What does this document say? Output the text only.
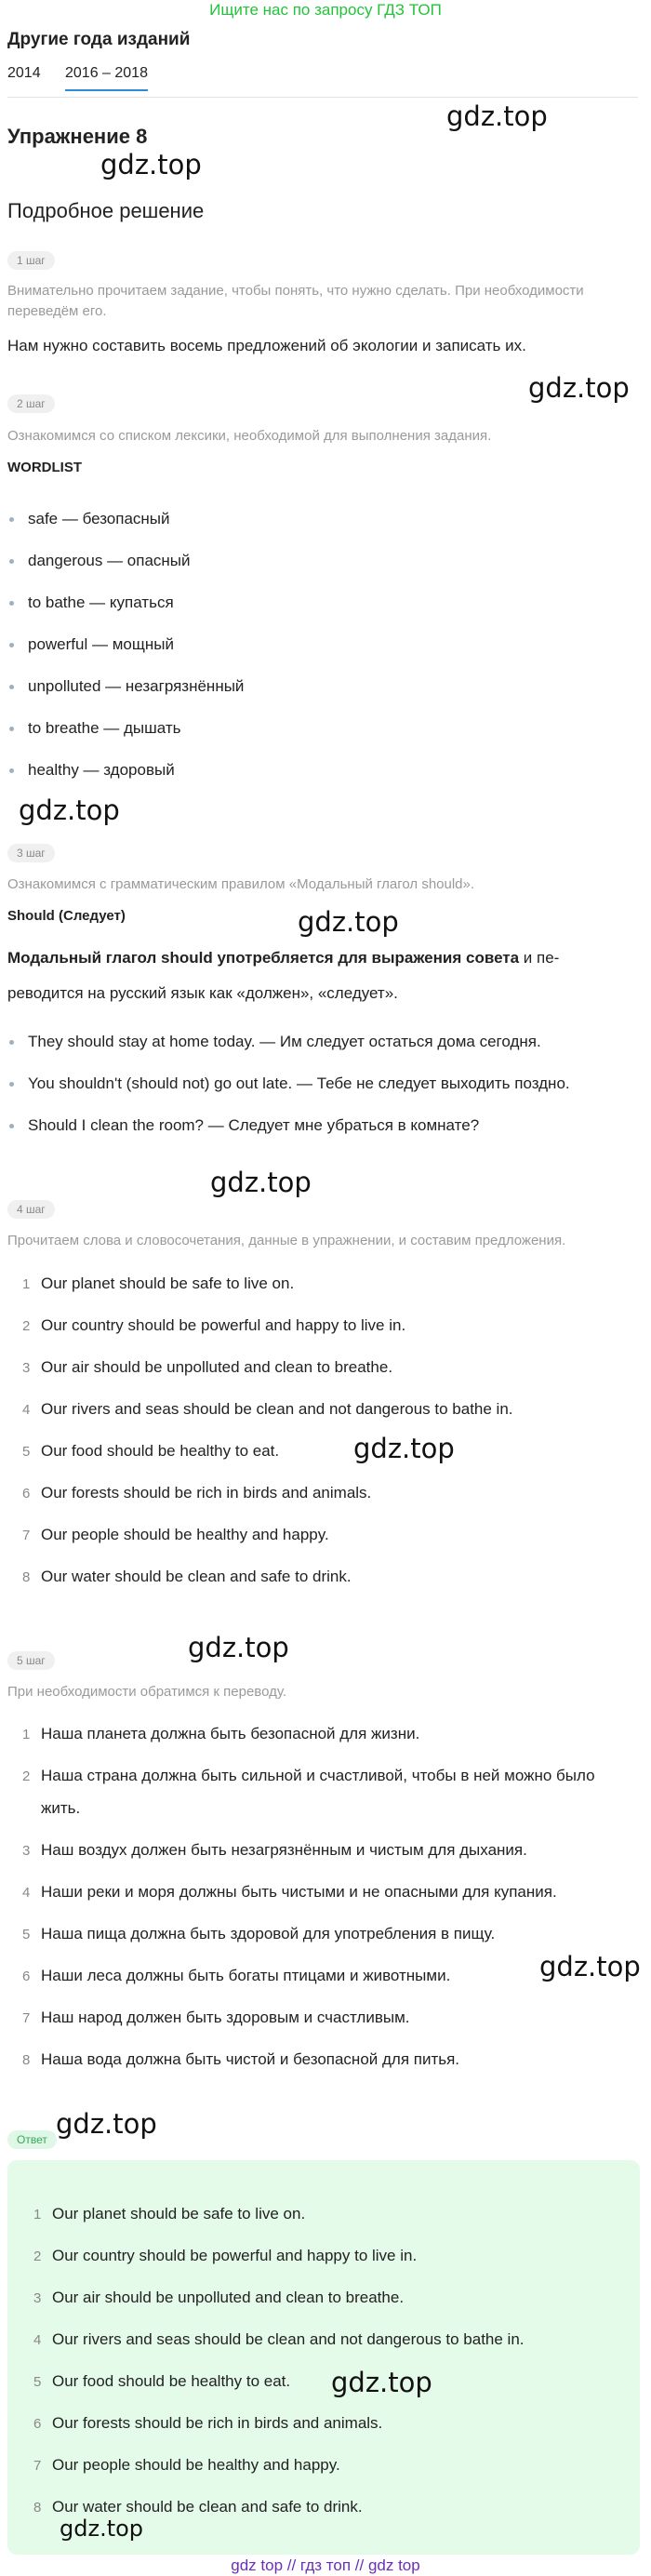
Ищите нас по запросу ГДЗ ТОП
Другие года изданий
2014 2016 – 2018
Упражнение 8
Подробное решение
gdz.top
gdz.top
gdz.top
gdz.top
gdz.top
gdz.top
gdz.top
gdz.top
gdz.top
gdz.top
1 шаг
Внимательно прочитаем задание, чтобы понять, что нужно сделать. При необходимости переведём его.
Нам нужно составить восемь предложений об экологии и записать их.
2 шаг
Ознакомимся со списком лексики, необходимой для выполнения задания.
WORDLIST
safe — безопасный
dangerous — опасный
to bathe — купаться
powerful — мощный
unpolluted — незагрязнённый
to breathe — дышать
healthy — здоровый
3 шаг
Ознакомимся с грамматическим правилом «Модальный глагол should».
Should (Следует)
Модальный глагол should употребляется для выражения совета и пе-
реводится на русский язык как «должен», «следует».
They should stay at home today. — Им следует остаться дома сегодня.
You shouldn't (should not) go out late. — Тебе не следует выходить поздно.
Should I clean the room? — Следует мне убраться в комнате?
4 шаг
Прочитаем слова и словосочетания, данные в упражнении, и составим предложения.
1 Our planet should be safe to live on.
2 Our country should be powerful and happy to live in.
3 Our air should be unpolluted and clean to breathe.
4 Our rivers and seas should be clean and not dangerous to bathe in.
5 Our food should be healthy to eat.
6 Our forests should be rich in birds and animals.
7 Our people should be healthy and happy.
8 Our water should be clean and safe to drink.
5 шаг
При необходимости обратимся к переводу.
1 Наша планета должна быть безопасной для жизни.
2 Наша страна должна быть сильной и счастливой, чтобы в ней можно было
жить.
3 Наш воздух должен быть незагрязнённым и чистым для дыхания.
4 Наши реки и моря должны быть чистыми и не опасными для купания.
5 Наша пища должна быть здоровой для употребления в пищу.
6 Наши леса должны быть богаты птицами и животными.
7 Наш народ должен быть здоровым и счастливым.
8 Наша вода должна быть чистой и безопасной для питья.
Ответ
1 Our planet should be safe to live on.
2 Our country should be powerful and happy to live in.
3 Our air should be unpolluted and clean to breathe.
4 Our rivers and seas should be clean and not dangerous to bathe in.
5 Our food should be healthy to eat.
6 Our forests should be rich in birds and animals.
7 Our people should be healthy and happy.
8 Our water should be clean and safe to drink.
gdz.top
gdz.top
gdz top // гдз топ // gdz top
